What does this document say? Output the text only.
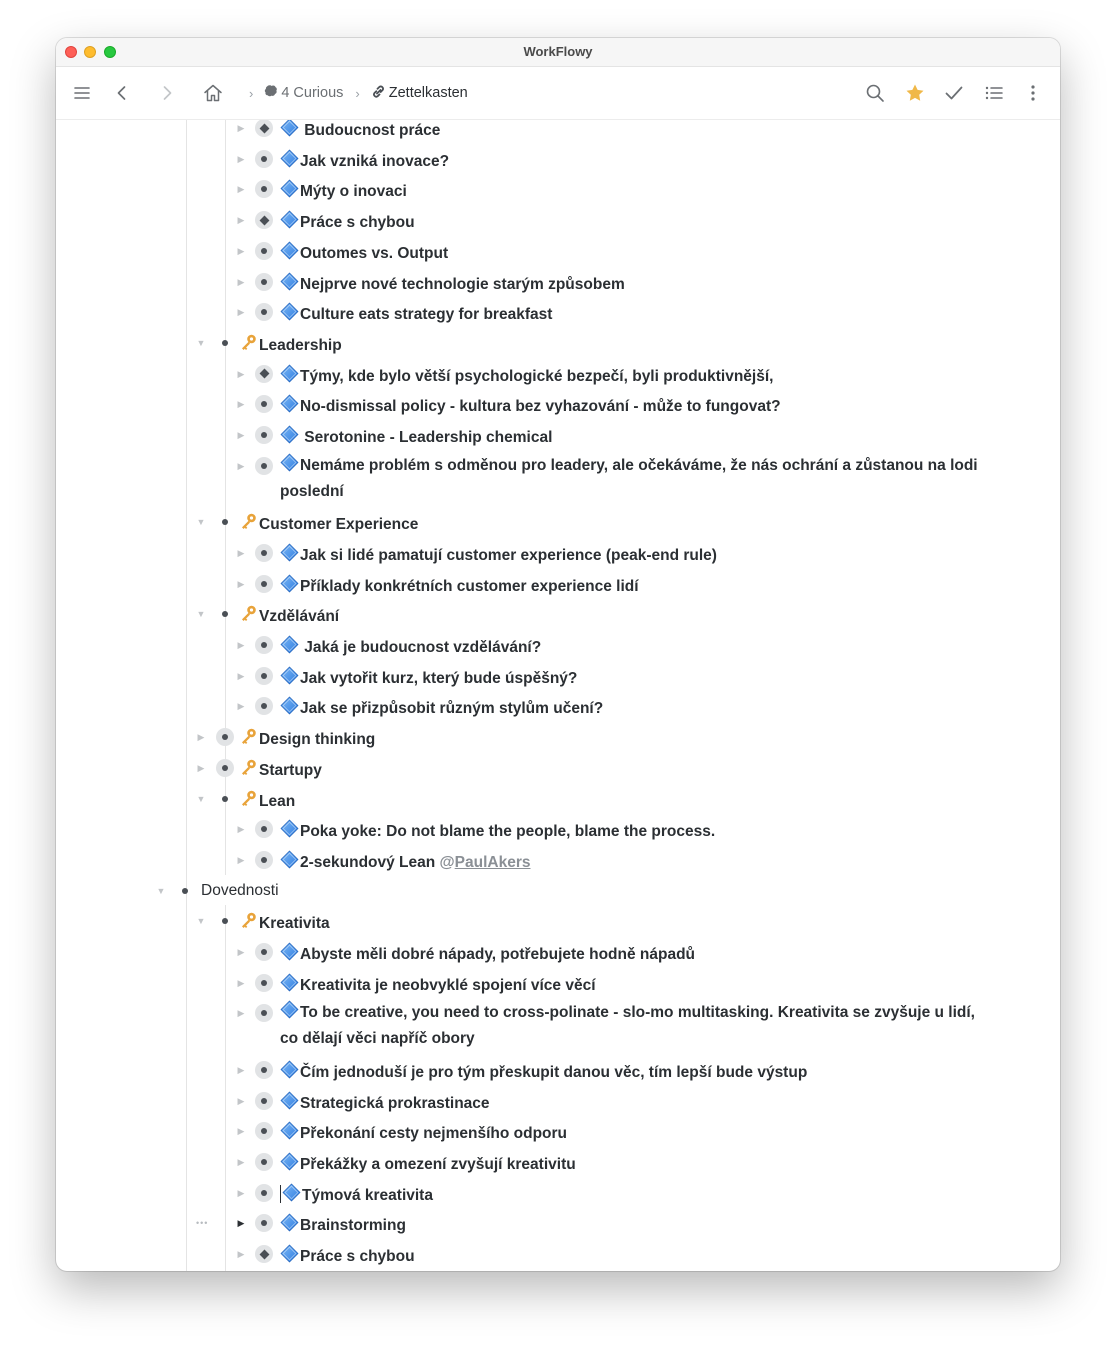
WorkFlowy
› 4 Curious › Zettelkasten
▶	Budoucnost práce
▶	Jak vzniká inovace?
▶	Mýty o inovaci
▶	Práce s chybou
▶	Outomes vs. Output
▶	Nejprve nové technologie starým způsobem
▶	Culture eats strategy for breakfast
▼	Leadership
▶	Týmy, kde bylo větší psychologické bezpečí, byli produktivnější,
▶	No-dismissal policy - kultura bez vyhazování - může to fungovat?
▶	Serotonine - Leadership chemical
▶	Nemáme problém s odměnou pro leadery, ale očekáváme, že nás ochrání a zůstanou na lodi poslední
▼	Customer Experience
▶	Jak si lidé pamatují customer experience (peak-end rule)
▶	Příklady konkrétních customer experience lidí
▼	Vzdělávání
▶	Jaká je budoucnost vzdělávání?
▶	Jak vytořit kurz, který bude úspěšný?
▶	Jak se přizpůsobit různým stylům učení?
▶	Design thinking
▶	Startupy
▼	Lean
▶	Poka yoke: Do not blame the people, blame the process.
▶	2-sekundový Lean @PaulAkers
▼ Dovednosti
▼	Kreativita
▶	Abyste měli dobré nápady, potřebujete hodně nápadů
▶	Kreativita je neobvyklé spojení více věcí
▶	To be creative, you need to cross-polinate - slo-mo multitasking. Kreativita se zvyšuje u lidí, co dělají věci napříč obory
▶	Čím jednoduší je pro tým přeskupit danou věc, tím lepší bude výstup
▶	Strategická prokrastinace
▶	Překonání cesty nejmenšího odporu
▶	Překážky a omezení zvyšují kreativitu
▶	Týmová kreativita
•••	▶	Brainstorming
▶	Práce s chybou
